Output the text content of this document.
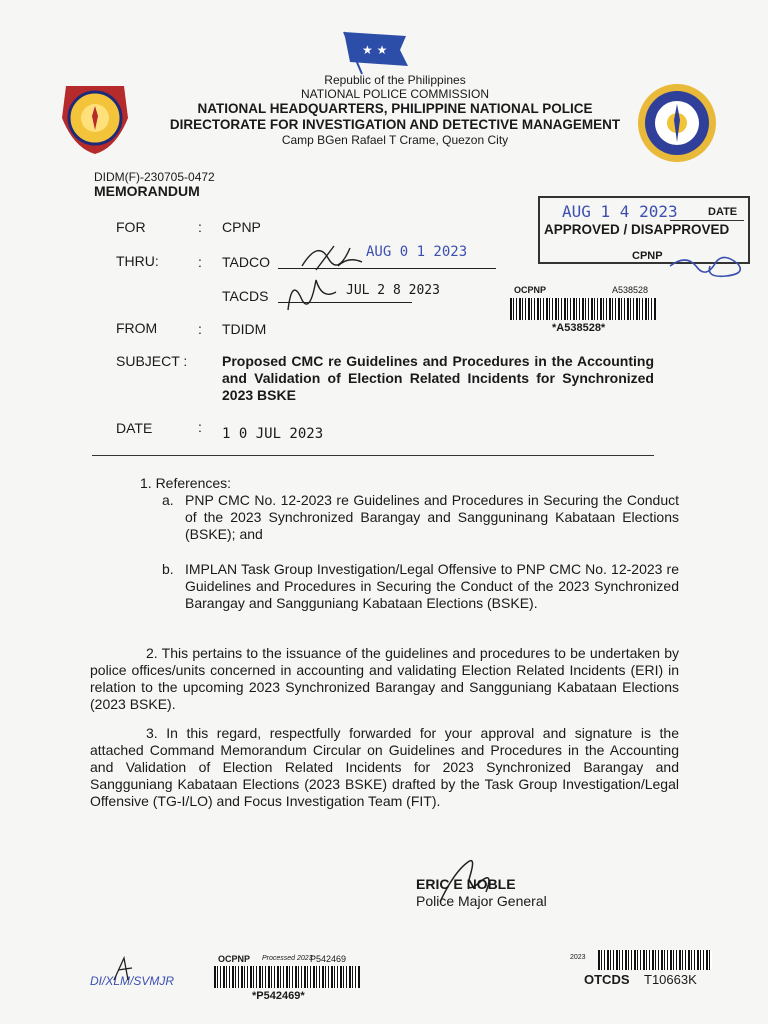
★ ★
Republic of the Philippines
NATIONAL POLICE COMMISSION
NATIONAL HEADQUARTERS, PHILIPPINE NATIONAL POLICE
DIRECTORATE FOR INVESTIGATION AND DETECTIVE MANAGEMENT
Camp BGen Rafael T Crame, Quezon City
DIDM(F)-230705-0472
MEMORANDUM
FOR	: CPNP
THRU:	: TADCO
AUG 0 1 2023
TACDS	JUL 2 8 2023
FROM	: TDIDM
SUBJECT : Proposed CMC re Guidelines and Procedures in the Accounting and Validation of Election Related Incidents for Synchronized 2023 BSKE
DATE	: 1 0 JUL 2023
AUG 1 4 2023	DATE
APPROVED / DISAPPROVED
CPNP
OCPNP	A538528
*A538528*
1. References:
a. PNP CMC No. 12-2023 re Guidelines and Procedures in Securing the Conduct of the 2023 Synchronized Barangay and Sangguninang Kabataan Elections (BSKE); and
b. IMPLAN Task Group Investigation/Legal Offensive to PNP CMC No. 12-2023 re Guidelines and Procedures in Securing the Conduct of the 2023 Synchronized Barangay and Sangguniang Kabataan Elections (BSKE).
2. This pertains to the issuance of the guidelines and procedures to be undertaken by police offices/units concerned in accounting and validating Election Related Incidents (ERI) in relation to the upcoming 2023 Synchronized Barangay and Sangguniang Kabataan Elections (2023 BSKE).
3. In this regard, respectfully forwarded for your approval and signature is the attached Command Memorandum Circular on Guidelines and Procedures in the Accounting and Validation of Election Related Incidents for 2023 Synchronized Barangay and Sangguniang Kabataan Elections (2023 BSKE) drafted by the Task Group Investigation/Legal Offensive (TG-I/LO) and Focus Investigation Team (FIT).
ERIC E NOBLE
Police Major General
DI/XLM/SVMJR
OCPNP Processed 2023
P542469
*P542469*
2023
OTCDS T10663K
